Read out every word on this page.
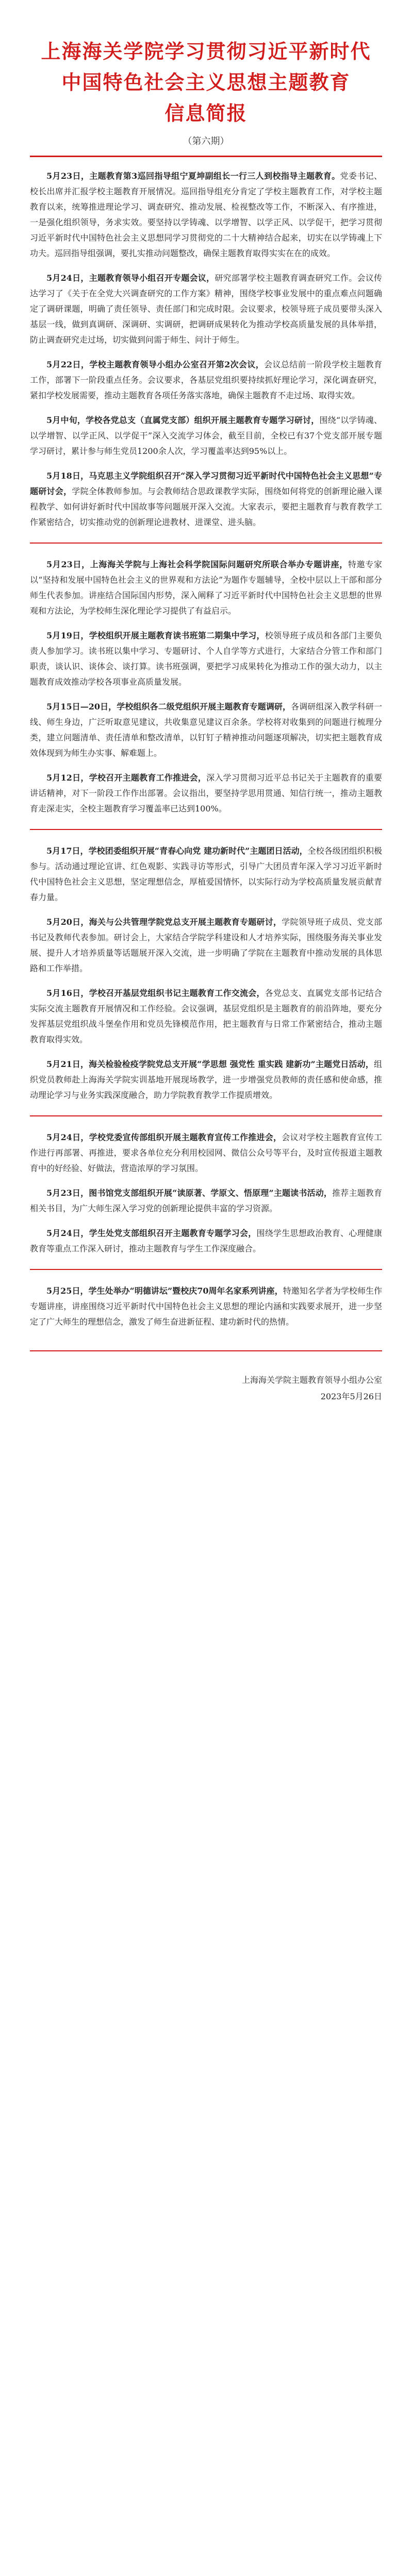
上海海关学院学习贯彻习近平新时代
中国特色社会主义思想主题教育
信息简报
（第六期）
5月23日，主题教育第3巡回指导组宁夏坤副组长一行三人到校指导主题教育。党委书记、校长出席并汇报学校主题教育开展情况。巡回指导组充分肯定了学校主题教育工作，对学校主题教育以来，统筹推进理论学习、调查研究、推动发展、检视整改等工作，不断深入、有序推进，一是强化组织领导，务求实效。要坚持以学铸魂、以学增智、以学正风、以学促干，把学习贯彻习近平新时代中国特色社会主义思想同学习贯彻党的二十大精神结合起来，切实在以学铸魂上下功夫。巡回指导组强调，要扎实推动问题整改，确保主题教育取得实实在在的成效。
5月24日，主题教育领导小组召开专题会议，研究部署学校主题教育调查研究工作。会议传达学习了《关于在全党大兴调查研究的工作方案》精神，围绕学校事业发展中的重点难点问题确定了调研课题，明确了责任领导、责任部门和完成时限。会议要求，校领导班子成员要带头深入基层一线，做到真调研、深调研、实调研，把调研成果转化为推动学校高质量发展的具体举措，防止调查研究走过场，切实做到问需于师生、问计于师生。
5月22日，学校主题教育领导小组办公室召开第2次会议，会议总结前一阶段学校主题教育工作，部署下一阶段重点任务。会议要求，各基层党组织要持续抓好理论学习，深化调查研究，紧扣学校发展需要，推动主题教育各项任务落实落地，确保主题教育不走过场、取得实效。
5月中旬，学校各党总支（直属党支部）组织开展主题教育专题学习研讨，围绕“以学铸魂、以学增智、以学正风、以学促干”深入交流学习体会，截至目前，全校已有37个党支部开展专题学习研讨，累计参与师生党员1200余人次，学习覆盖率达到95%以上。
5月18日，马克思主义学院组织召开“深入学习贯彻习近平新时代中国特色社会主义思想”专题研讨会，学院全体教师参加。与会教师结合思政课教学实际，围绕如何将党的创新理论融入课程教学、如何讲好新时代中国故事等问题展开深入交流。大家表示，要把主题教育与教育教学工作紧密结合，切实推动党的创新理论进教材、进课堂、进头脑。
5月23日，上海海关学院与上海社会科学院国际问题研究所联合举办专题讲座，特邀专家以“坚持和发展中国特色社会主义的世界观和方法论”为题作专题辅导，全校中层以上干部和部分师生代表参加。讲座结合国际国内形势，深入阐释了习近平新时代中国特色社会主义思想的世界观和方法论，为学校师生深化理论学习提供了有益启示。
5月19日，学校组织开展主题教育读书班第二期集中学习，校领导班子成员和各部门主要负责人参加学习。读书班以集中学习、专题研讨、个人自学等方式进行，大家结合分管工作和部门职责，谈认识、谈体会、谈打算。读书班强调，要把学习成果转化为推动工作的强大动力，以主题教育成效推动学校各项事业高质量发展。
5月15日—20日，学校组织各二级党组织开展主题教育专题调研，各调研组深入教学科研一线、师生身边，广泛听取意见建议，共收集意见建议百余条。学校将对收集到的问题进行梳理分类，建立问题清单、责任清单和整改清单，以钉钉子精神推动问题逐项解决，切实把主题教育成效体现到为师生办实事、解难题上。
5月12日，学校召开主题教育工作推进会，深入学习贯彻习近平总书记关于主题教育的重要讲话精神，对下一阶段工作作出部署。会议指出，要坚持学思用贯通、知信行统一，推动主题教育走深走实，全校主题教育学习覆盖率已达到100%。
5月17日，学校团委组织开展“青春心向党 建功新时代”主题团日活动，全校各级团组织积极参与。活动通过理论宣讲、红色观影、实践寻访等形式，引导广大团员青年深入学习习近平新时代中国特色社会主义思想，坚定理想信念，厚植爱国情怀，以实际行动为学校高质量发展贡献青春力量。
5月20日，海关与公共管理学院党总支开展主题教育专题研讨，学院领导班子成员、党支部书记及教师代表参加。研讨会上，大家结合学院学科建设和人才培养实际，围绕服务海关事业发展、提升人才培养质量等话题展开深入交流，进一步明确了学院在主题教育中推动发展的具体思路和工作举措。
5月16日，学校召开基层党组织书记主题教育工作交流会，各党总支、直属党支部书记结合实际交流主题教育开展情况和工作经验。会议强调，基层党组织是主题教育的前沿阵地，要充分发挥基层党组织战斗堡垒作用和党员先锋模范作用，把主题教育与日常工作紧密结合，推动主题教育取得实效。
5月21日，海关检验检疫学院党总支开展“学思想 强党性 重实践 建新功”主题党日活动，组织党员教师赴上海海关学院实训基地开展现场教学，进一步增强党员教师的责任感和使命感，推动理论学习与业务实践深度融合，助力学院教育教学工作提质增效。
5月24日，学校党委宣传部组织开展主题教育宣传工作推进会，会议对学校主题教育宣传工作进行再部署、再推进，要求各单位充分利用校园网、微信公众号等平台，及时宣传报道主题教育中的好经验、好做法，营造浓厚的学习氛围。
5月23日，图书馆党支部组织开展“读原著、学原文、悟原理”主题读书活动，推荐主题教育相关书目，为广大师生深入学习党的创新理论提供丰富的学习资源。
5月24日，学生处党支部组织召开主题教育专题学习会，围绕学生思想政治教育、心理健康教育等重点工作深入研讨，推动主题教育与学生工作深度融合。
5月25日，学生处举办“明德讲坛”暨校庆70周年名家系列讲座，特邀知名学者为学校师生作专题讲座，讲座围绕习近平新时代中国特色社会主义思想的理论内涵和实践要求展开，进一步坚定了广大师生的理想信念，激发了师生奋进新征程、建功新时代的热情。
上海海关学院主题教育领导小组办公室
2023年5月26日
